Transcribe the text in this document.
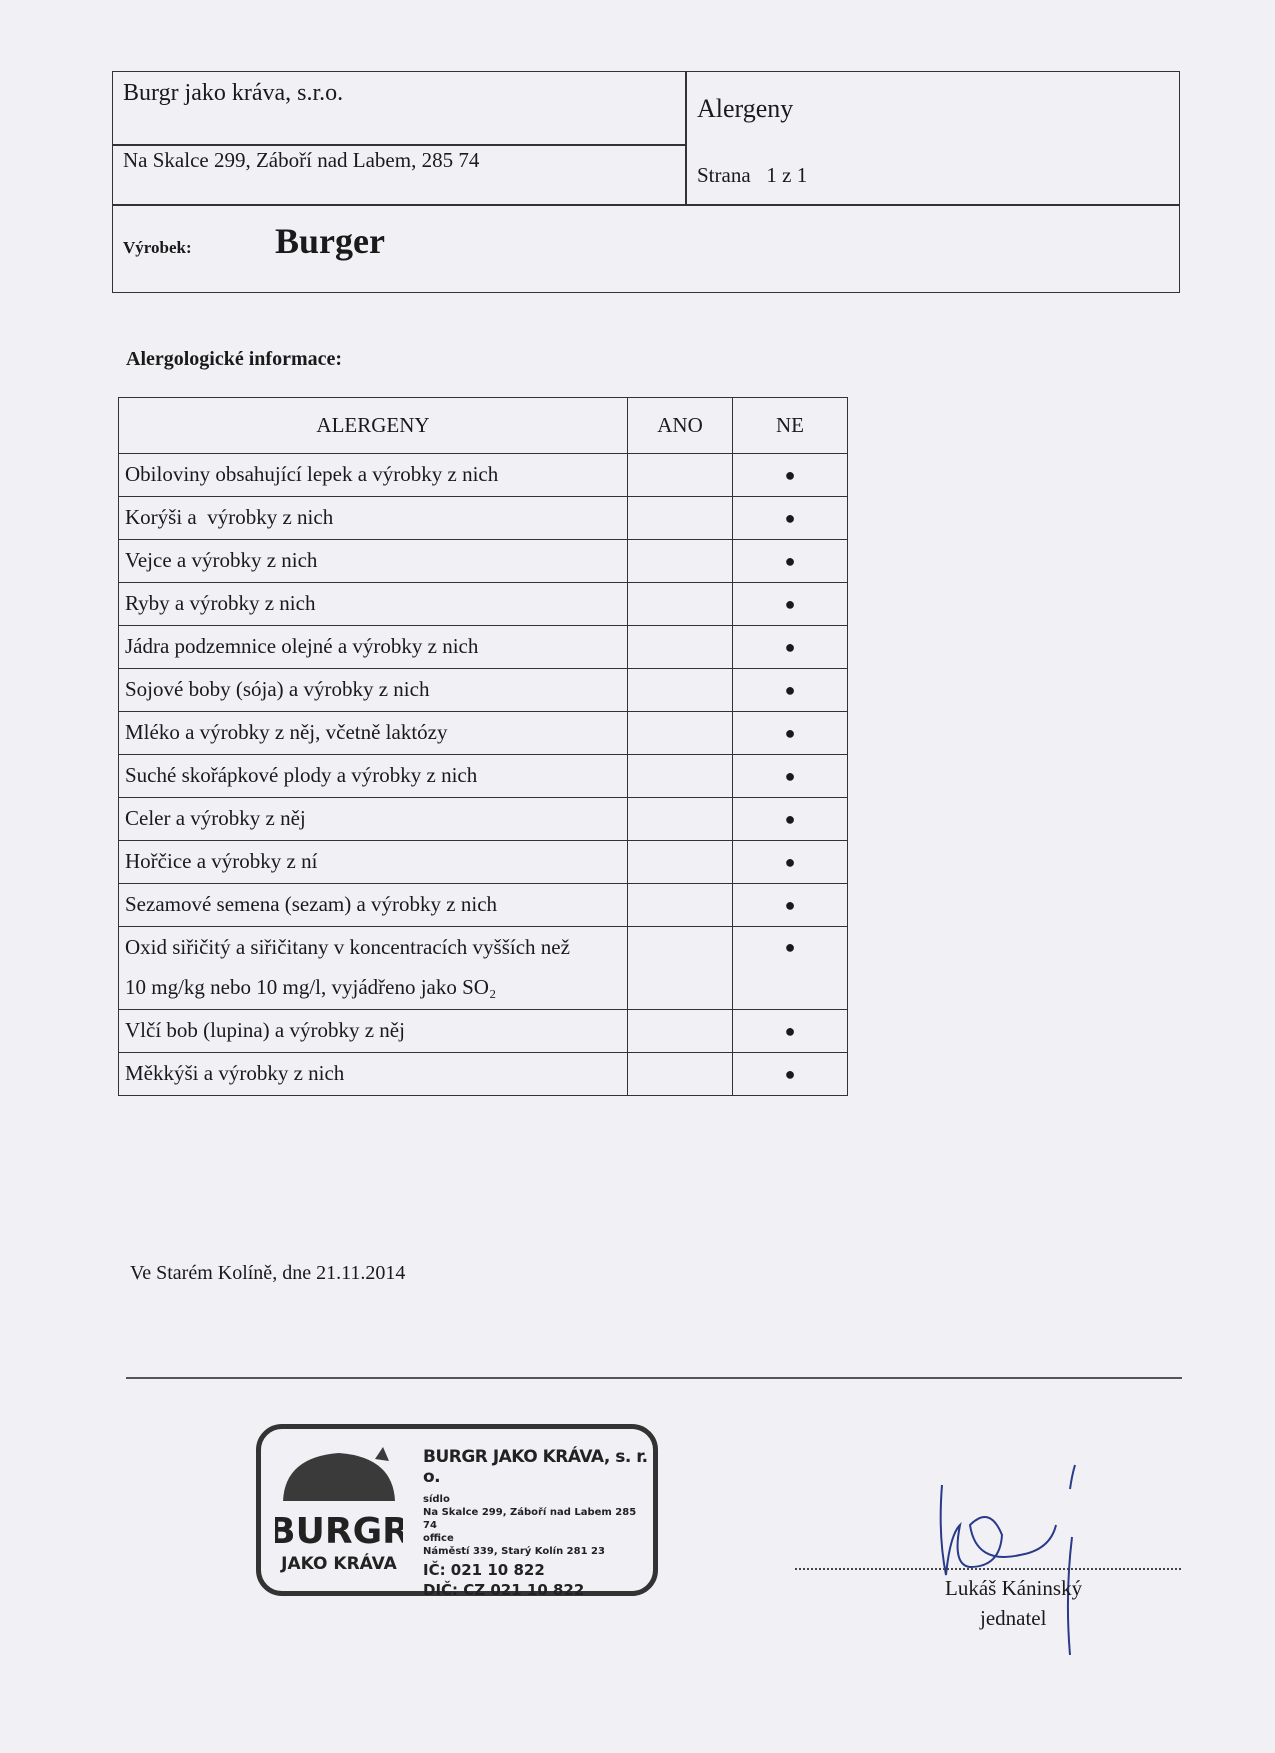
Burgr jako kráva, s.r.o.
Na Skalce 299, Záboří nad Labem, 285 74
Alergeny
Strana   1 z 1
Výrobek: Burger
Alergologické informace:
ALERGENY	ANO	NE
Obiloviny obsahující lepek a výrobky z nich		●
Korýši a  výrobky z nich		●
Vejce a výrobky z nich		●
Ryby a výrobky z nich		●
Jádra podzemnice olejné a výrobky z nich		●
Sojové boby (sója) a výrobky z nich		●
Mléko a výrobky z něj, včetně laktózy		●
Suché skořápkové plody a výrobky z nich		●
Celer a výrobky z něj		●
Hořčice a výrobky z ní		●
Sezamové semena (sezam) a výrobky z nich		●

Oxid siřičitý a siřičitany v koncentracích vyšších než
10 mg/kg nebo 10 mg/l, vyjádřeno jako SO₂		●
Vlčí bob (lupina) a výrobky z něj		●
Měkkýši a výrobky z nich		●
Ve Starém Kolíně, dne 21.11.2014
BURGR
JAKO KRÁVA
BURGR JAKO KRÁVA, s. r. o.
sídlo
Na Skalce 299, Záboří nad Labem 285 74
office
Náměstí 339, Starý Kolín 281 23
IČ: 021 10 822
DIČ: CZ 021 10 822	Lukáš Káninský
jednatel
